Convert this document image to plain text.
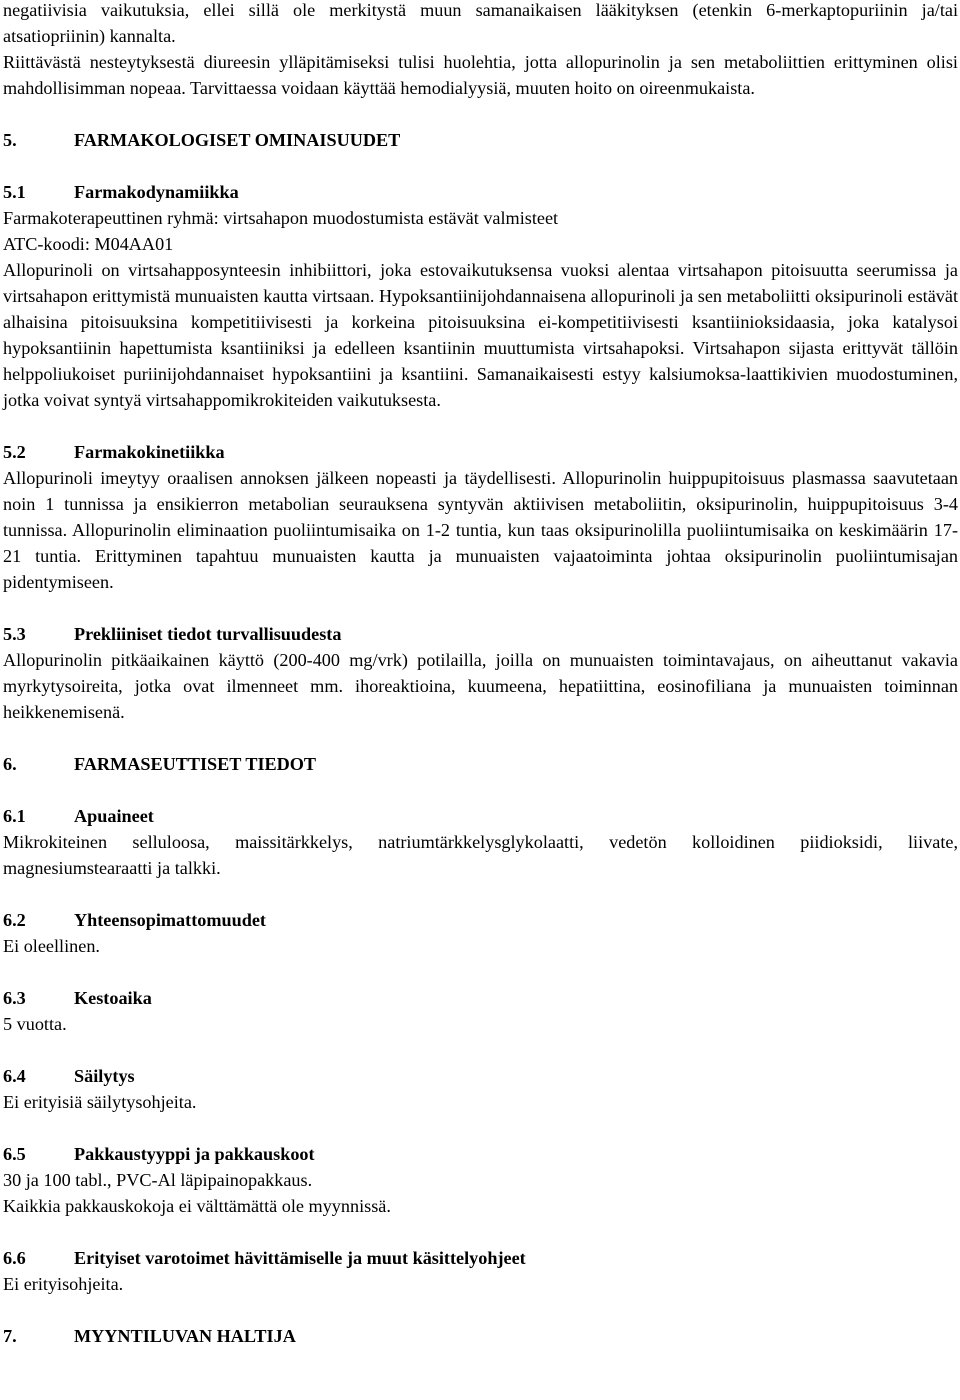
negatiivisia vaikutuksia, ellei sillä ole merkitystä muun samanaikaisen lääkityksen (etenkin 6-merkaptopuriinin ja/tai atsatiopriinin) kannalta.

Riittävästä nesteytyksestä diureesin ylläpitämiseksi tulisi huolehtia, jotta allopurinolin ja sen metaboliittien erittyminen olisi mahdollisimman nopeaa. Tarvittaessa voidaan käyttää hemodialyysiä, muuten hoito on oireenmukaista.

5.	FARMAKOLOGISET OMINAISUUDET
5.1	Farmakodynamiikka

Farmakoterapeuttinen ryhmä: virtsahapon muodostumista estävät valmisteet

ATC-koodi: M04AA01

Allopurinoli on virtsahapposynteesin inhibiittori, joka estovaikutuksensa vuoksi alentaa virtsahapon pitoisuutta seerumissa ja virtsahapon erittymistä munuaisten kautta virtsaan. Hypoksantiinijohdannaisena allopurinoli ja sen metaboliitti oksipurinoli estävät alhaisina pitoisuuksina kompetitiivisesti ja korkeina pitoisuuksina ei-kompetitiivisesti ksantiinioksidaasia, joka katalysoi hypoksantiinin hapettumista ksantiiniksi ja edelleen ksantiinin muuttumista virtsahapoksi. Virtsahapon sijasta erittyvät tällöin helppoliukoiset puriinijohdannaiset hypoksantiini ja ksantiini. Samanaikaisesti estyy kalsiumoksa-laattikivien muodostuminen, jotka voivat syntyä virtsahappomikrokiteiden vaikutuksesta.

5.2	Farmakokinetiikka

Allopurinoli imeytyy oraalisen annoksen jälkeen nopeasti ja täydellisesti. Allopurinolin huippupitoisuus plasmassa saavutetaan noin 1 tunnissa ja ensikierron metabolian seurauksena syntyvän aktiivisen metaboliitin, oksipurinolin, huippupitoisuus 3-4 tunnissa. Allopurinolin eliminaation puoliintumisaika on 1-2 tuntia, kun taas oksipurinolilla puoliintumisaika on keskimäärin 17-21 tuntia. Erittyminen tapahtuu munuaisten kautta ja munuaisten vajaatoiminta johtaa oksipurinolin puoliintumisajan pidentymiseen.

5.3	Prekliiniset tiedot turvallisuudesta

Allopurinolin pitkäaikainen käyttö (200-400 mg/vrk) potilailla, joilla on munuaisten toimintavajaus, on aiheuttanut vakavia myrkytysoireita, jotka ovat ilmenneet mm. ihoreaktioina, kuumeena, hepatiittina, eosinofiliana ja munuaisten toiminnan heikkenemisenä.

6.	FARMASEUTTISET TIEDOT
6.1	Apuaineet

Mikrokiteinen selluloosa, maissitärkkelys, natriumtärkkelysglykolaatti, vedetön kolloidinen piidioksidi, liivate, magnesiumstearaatti ja talkki.

6.2	Yhteensopimattomuudet

Ei oleellinen.

6.3	Kestoaika

5 vuotta.

6.4	Säilytys

Ei erityisiä säilytysohjeita.

6.5	Pakkaustyyppi ja pakkauskoot

30 ja 100 tabl., PVC-Al läpipainopakkaus.

Kaikkia pakkauskokoja ei välttämättä ole myynnissä.

6.6	Erityiset varotoimet hävittämiselle ja muut käsittelyohjeet

Ei erityisohjeita.

7.	MYYNTILUVAN HALTIJA
